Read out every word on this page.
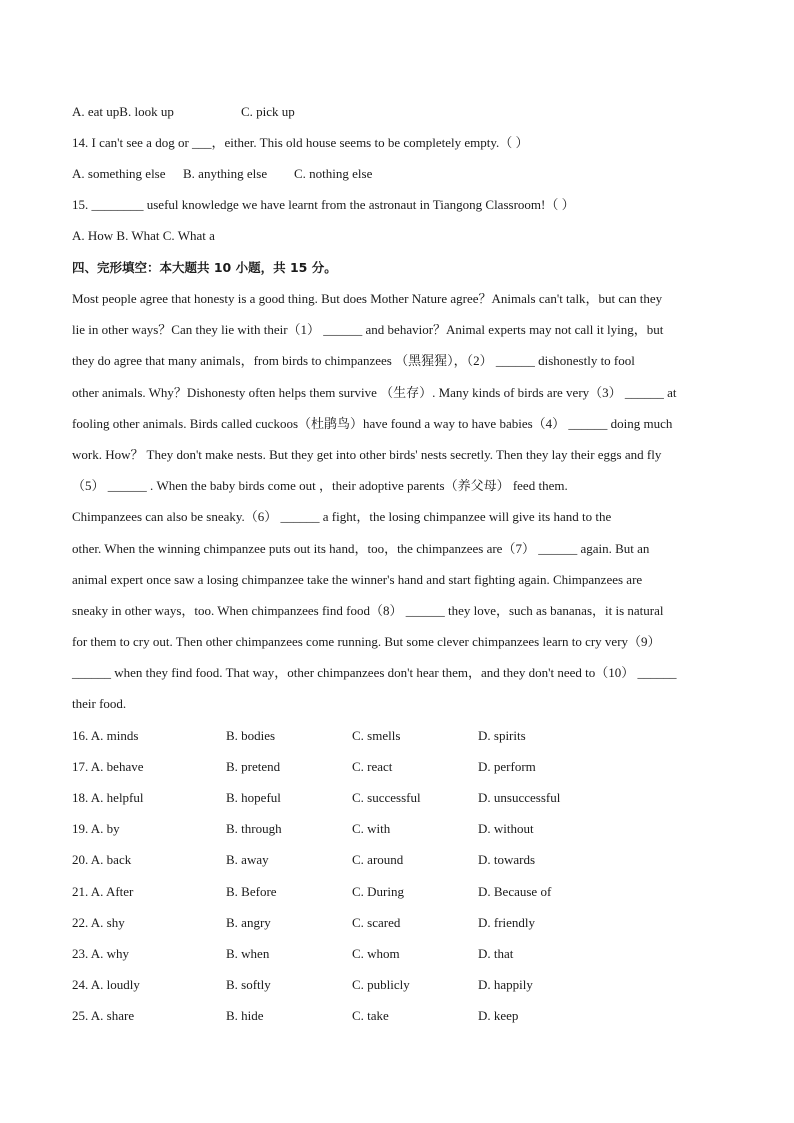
A. eat upB. look up	C. pick up
14. I can't see a dog or ___，either. This old house seems to be completely empty.（ ）
A. something else B. anything else C. nothing else
15. ________ useful knowledge we have learnt from the astronaut in Tiangong Classroom!（ ）
A. How B. What C. What a
四、完形填空：本大题共 10 小题，共 15 分。
Most people agree that honesty is a good thing. But does Mother Nature agree？Animals can't talk，but can they
lie in other ways？Can they lie with their（1） ______ and behavior？Animal experts may not call it lying，but
they do agree that many animals，from birds to chimpanzees （黑猩猩），（2） ______ dishonestly to fool
other animals. Why？Dishonesty often helps them survive （生存）. Many kinds of birds are very（3） ______ at
fooling other animals. Birds called cuckoos（杜鹃鸟）have found a way to have babies（4） ______ doing much
work. How？ They don't make nests. But they get into other birds' nests secretly. Then they lay their eggs and fly
（5） ______ . When the baby birds come out ，their adoptive parents（养父母） feed them.
Chimpanzees can also be sneaky.（6） ______ a fight，the losing chimpanzee will give its hand to the
other. When the winning chimpanzee puts out its hand，too，the chimpanzees are（7） ______ again. But an
animal expert once saw a losing chimpanzee take the winner's hand and start fighting again. Chimpanzees are
sneaky in other ways，too. When chimpanzees find food（8） ______ they love，such as bananas，it is natural
for them to cry out. Then other chimpanzees come running. But some clever chimpanzees learn to cry very（9）
______ when they find food. That way，other chimpanzees don't hear them，and they don't need to（10） ______
their food.
16. A. minds	B. bodies	C. smells	D. spirits
17. A. behave	B. pretend	C. react	D. perform
18. A. helpful	B. hopeful	C. successful	D. unsuccessful
19. A. by	B. through	C. with	D. without
20. A. back	B. away	C. around	D. towards
21. A. After	B. Before	C. During	D. Because of
22. A. shy	B. angry	C. scared	D. friendly
23. A. why	B. when	C. whom	D. that
24. A. loudly	B. softly	C. publicly	D. happily
25. A. share	B. hide	C. take	D. keep
